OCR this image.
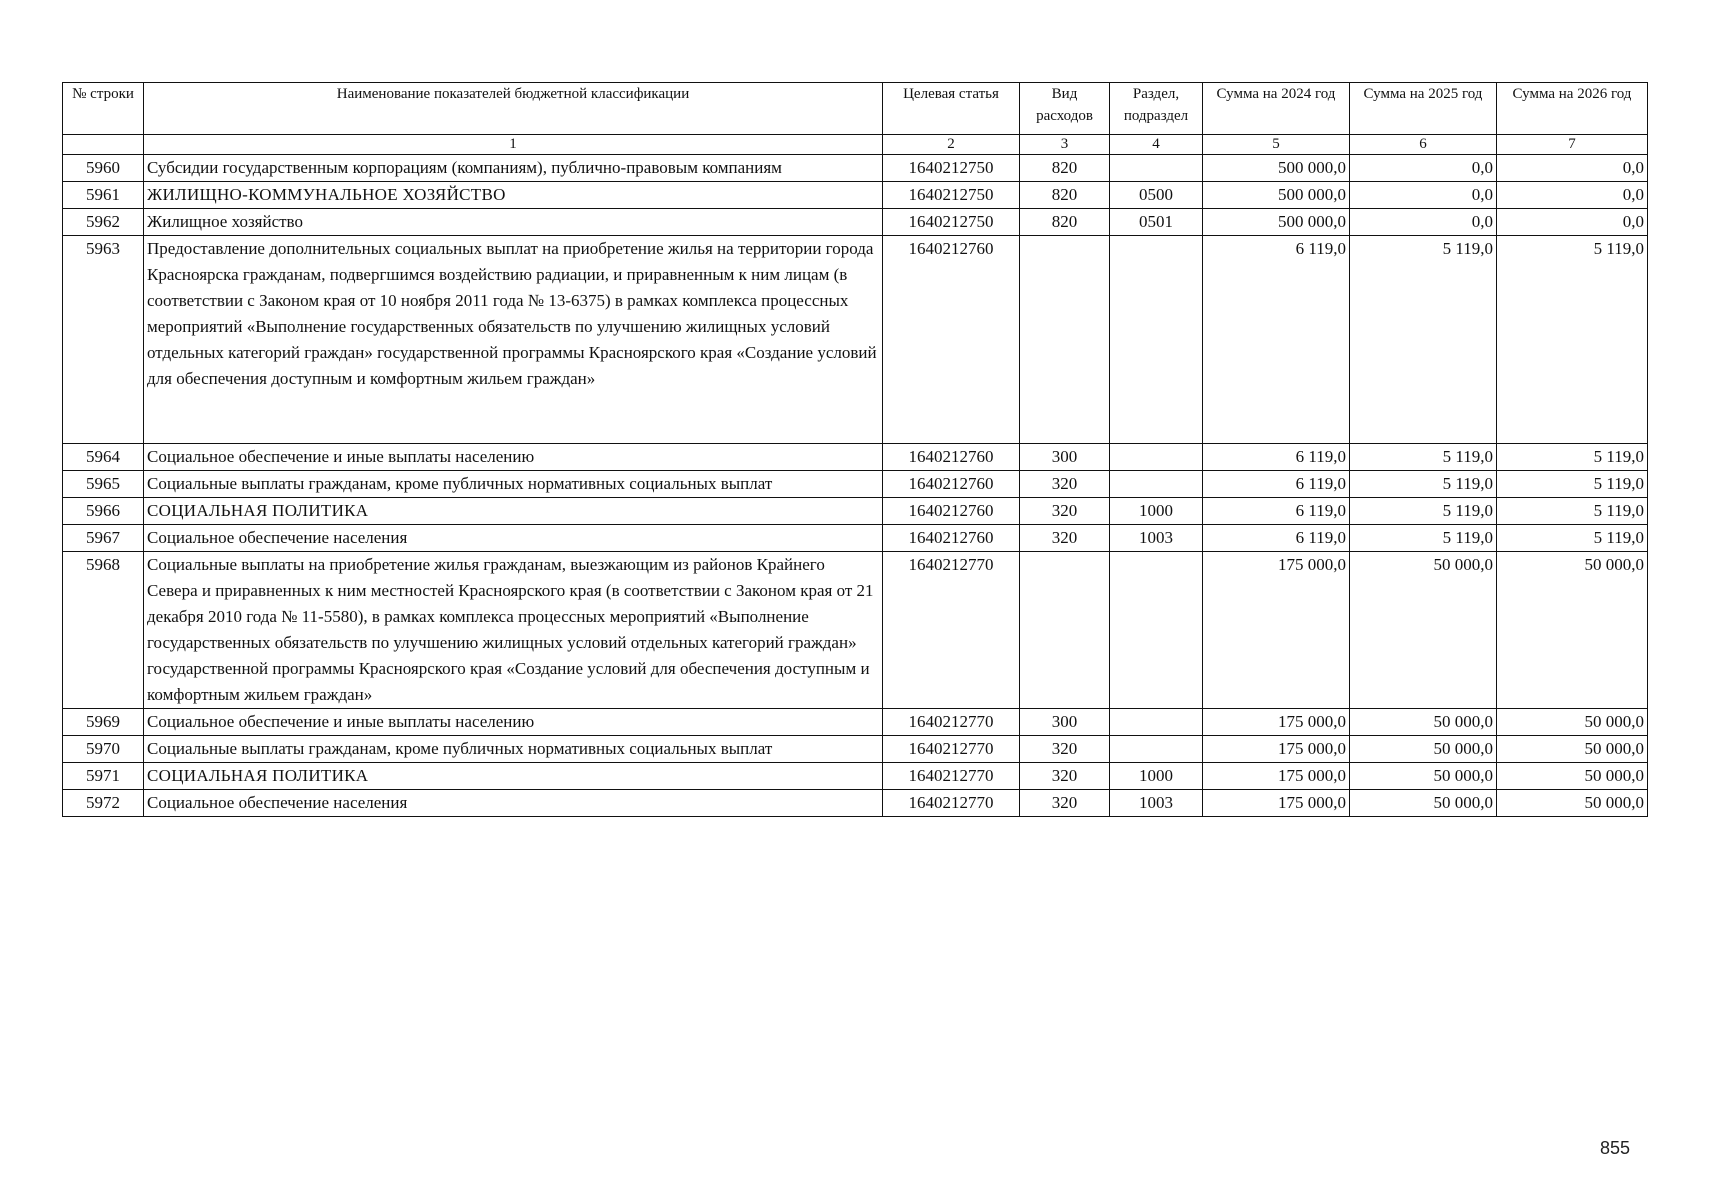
№ строки	Наименование показателей бюджетной классификации	Целевая статья	Вид расходов	Раздел, подраздел	Сумма на 2024 год	Сумма на 2025 год	Сумма на 2026 год
	1	2	3	4	5	6	7
5960	Субсидии государственным корпорациям (компаниям), публично-правовым компаниям	1640212750	820		500 000,0	0,0	0,0
5961	ЖИЛИЩНО-КОММУНАЛЬНОЕ ХОЗЯЙСТВО	1640212750	820	0500	500 000,0	0,0	0,0
5962	Жилищное хозяйство	1640212750	820	0501	500 000,0	0,0	0,0
5963	Предоставление дополнительных социальных выплат на приобретение жилья на территории города Красноярска гражданам, подвергшимся воздействию радиации, и приравненным к ним лицам (в соответствии с Законом края от 10 ноября 2011 года № 13-6375) в рамках комплекса процессных мероприятий «Выполнение государственных обязательств по улучшению жилищных условий отдельных категорий граждан» государственной программы Красноярского края «Создание условий для обеспечения доступным и комфортным жильем граждан»	1640212760			6 119,0	5 119,0	5 119,0
5964	Социальное обеспечение и иные выплаты населению	1640212760	300		6 119,0	5 119,0	5 119,0
5965	Социальные выплаты гражданам, кроме публичных нормативных социальных выплат	1640212760	320		6 119,0	5 119,0	5 119,0
5966	СОЦИАЛЬНАЯ ПОЛИТИКА	1640212760	320	1000	6 119,0	5 119,0	5 119,0
5967	Социальное обеспечение населения	1640212760	320	1003	6 119,0	5 119,0	5 119,0
5968	Социальные выплаты на приобретение жилья гражданам, выезжающим из районов Крайнего Севера и приравненных к ним местностей Красноярского края (в соответствии с Законом края от 21 декабря 2010 года № 11-5580), в рамках комплекса процессных мероприятий «Выполнение государственных обязательств по улучшению жилищных условий отдельных категорий граждан» государственной программы Красноярского края «Создание условий для обеспечения доступным и комфортным жильем граждан»	1640212770			175 000,0	50 000,0	50 000,0
5969	Социальное обеспечение и иные выплаты населению	1640212770	300		175 000,0	50 000,0	50 000,0
5970	Социальные выплаты гражданам, кроме публичных нормативных социальных выплат	1640212770	320		175 000,0	50 000,0	50 000,0
5971	СОЦИАЛЬНАЯ ПОЛИТИКА	1640212770	320	1000	175 000,0	50 000,0	50 000,0
5972	Социальное обеспечение населения	1640212770	320	1003	175 000,0	50 000,0	50 000,0
855
